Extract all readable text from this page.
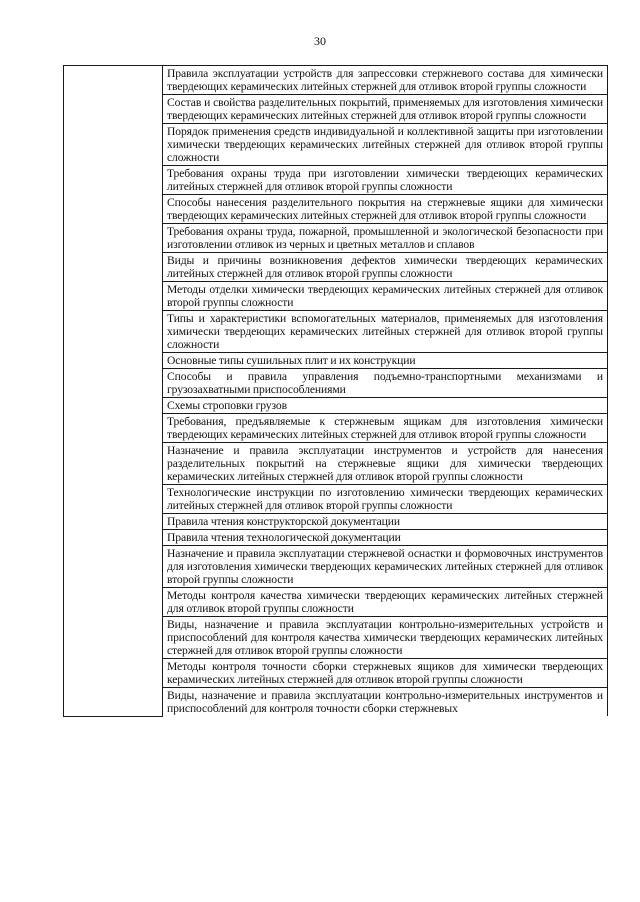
30

Правила эксплуатации устройств для запрессовки стержневого состава для химически твердеющих керамических литейных стержней для отливок второй группы сложности

Состав и свойства разделительных покрытий, применяемых для изготовления химически твердеющих керамических литейных стержней для отливок второй группы сложности

Порядок применения средств индивидуальной и коллективной защиты при изготовлении химически твердеющих керамических литейных стержней для отливок второй группы сложности

Требования охраны труда при изготовлении химически твердеющих керамических литейных стержней для отливок второй группы сложности

Способы нанесения разделительного покрытия на стержневые ящики для химически твердеющих керамических литейных стержней для отливок второй группы сложности

Требования охраны труда, пожарной, промышленной и экологической безопасности при изготовлении отливок из черных и цветных металлов и сплавов

Виды и причины возникновения дефектов химически твердеющих керамических литейных стержней для отливок второй группы сложности

Методы отделки химически твердеющих керамических литейных стержней для отливок второй группы сложности

Типы и характеристики вспомогательных материалов, применяемых для изготовления химически твердеющих керамических литейных стержней для отливок второй группы сложности

Основные типы сушильных плит и их конструкции

Способы и правила управления подъемно-транспортными механизмами и грузозахватными приспособлениями

Схемы строповки грузов

Требования, предъявляемые к стержневым ящикам для изготовления химически твердеющих керамических литейных стержней для отливок второй группы сложности

Назначение и правила эксплуатации инструментов и устройств для нанесения разделительных покрытий на стержневые ящики для химически твердеющих керамических литейных стержней для отливок второй группы сложности

Технологические инструкции по изготовлению химически твердеющих керамических литейных стержней для отливок второй группы сложности

Правила чтения конструкторской документации

Правила чтения технологической документации

Назначение и правила эксплуатации стержневой оснастки и формовочных инструментов для изготовления химически твердеющих керамических литейных стержней для отливок второй группы сложности

Методы контроля качества химически твердеющих керамических литейных стержней для отливок второй группы сложности

Виды, назначение и правила эксплуатации контрольно-измерительных устройств и приспособлений для контроля качества химически твердеющих керамических литейных стержней для отливок второй группы сложности

Методы контроля точности сборки стержневых ящиков для химически твердеющих керамических литейных стержней для отливок второй группы сложности

Виды, назначение и правила эксплуатации контрольно-измерительных инструментов и приспособлений для контроля точности сборки стержневых
